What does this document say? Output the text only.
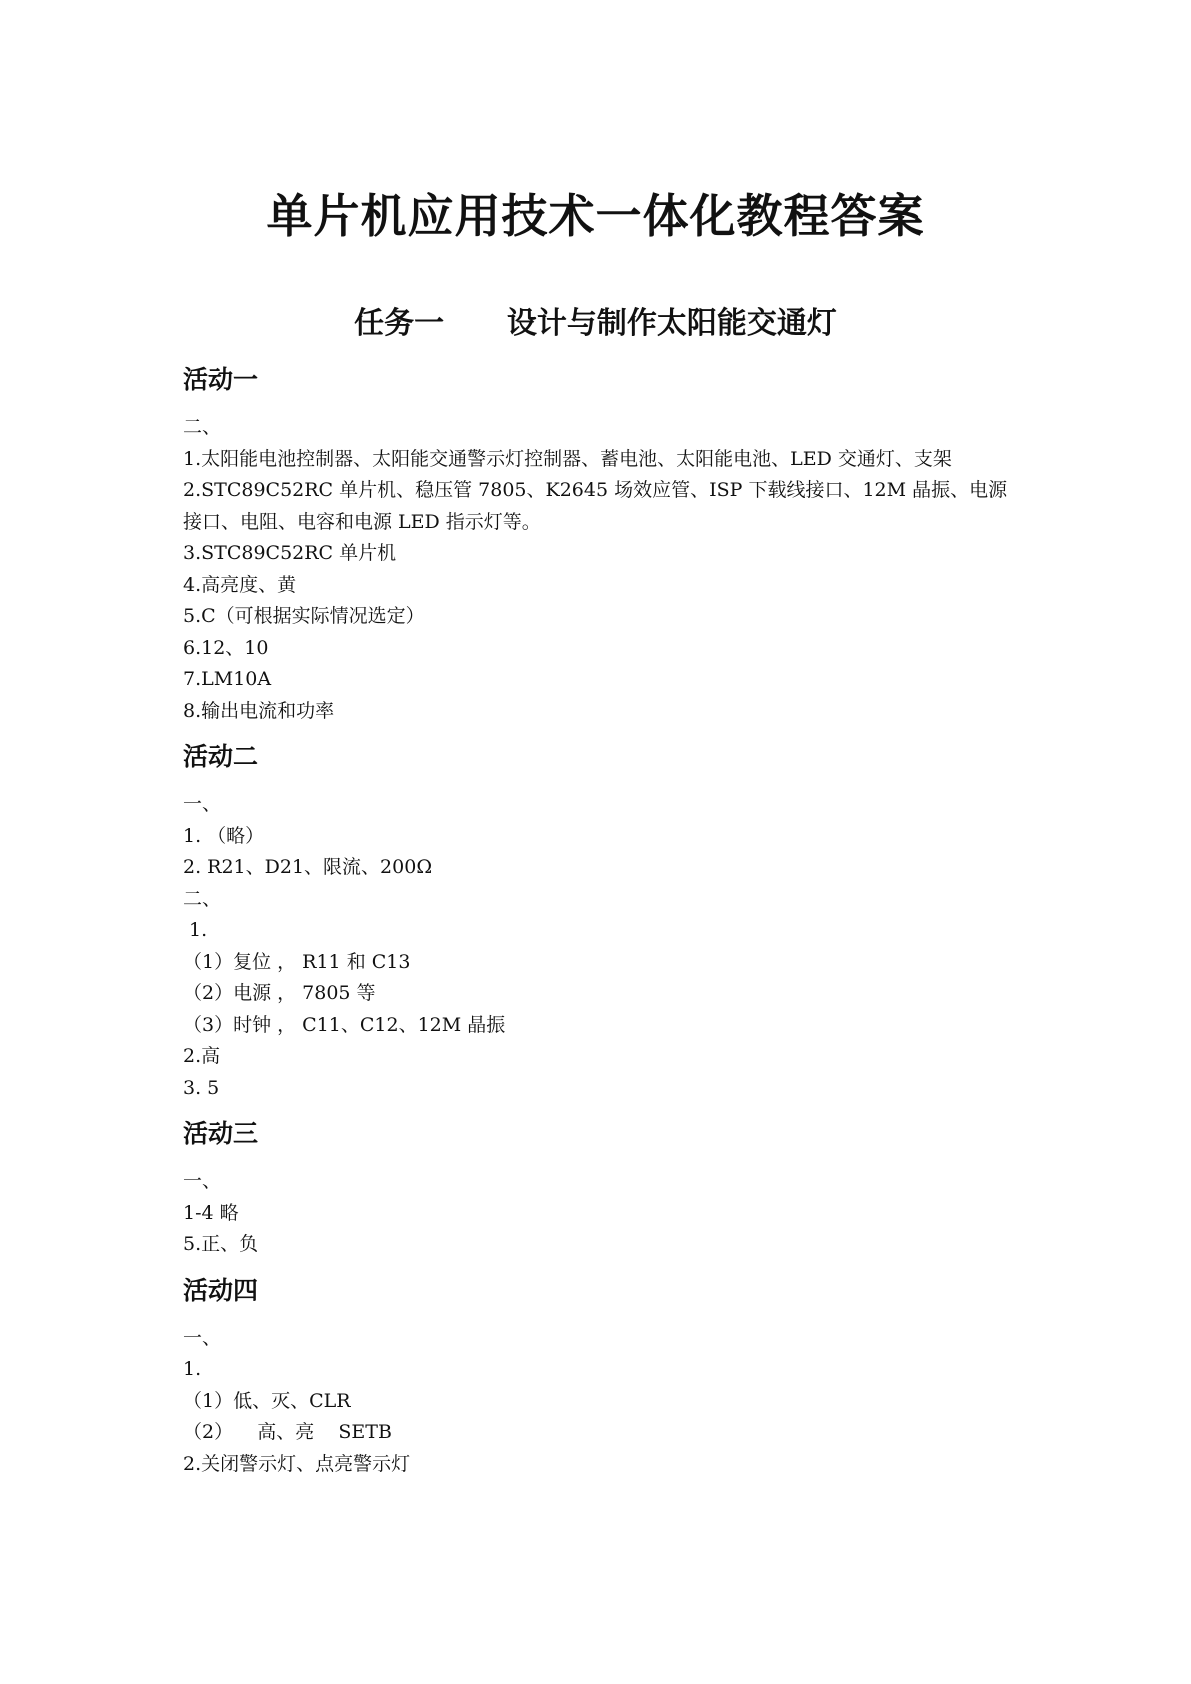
单片机应用技术一体化教程答案
任务一 设计与制作太阳能交通灯
活动一

二、

1.太阳能电池控制器、太阳能交通警示灯控制器、蓄电池、太阳能电池、LED 交通灯、支架

2.STC89C52RC 单片机、稳压管 7805、K2645 场效应管、ISP 下载线接口、12M 晶振、电源

接口、电阻、电容和电源 LED 指示灯等。

3.STC89C52RC 单片机

4.高亮度、黄

5.C（可根据实际情况选定）

6.12、10

7.LM10A

8.输出电流和功率

活动二

一、

1. （略）

2. R21、D21、限流、200Ω

二、

1.

（1）复位 ， R11 和 C13

（2）电源 ， 7805 等

（3）时钟 ， C11、C12、12M 晶振

2.高

3. 5

活动三

一、

1-4 略

5.正、负

活动四

一、

1.

（1）低、灭、CLR

（2）    高、亮    SETB

2.关闭警示灯、点亮警示灯
